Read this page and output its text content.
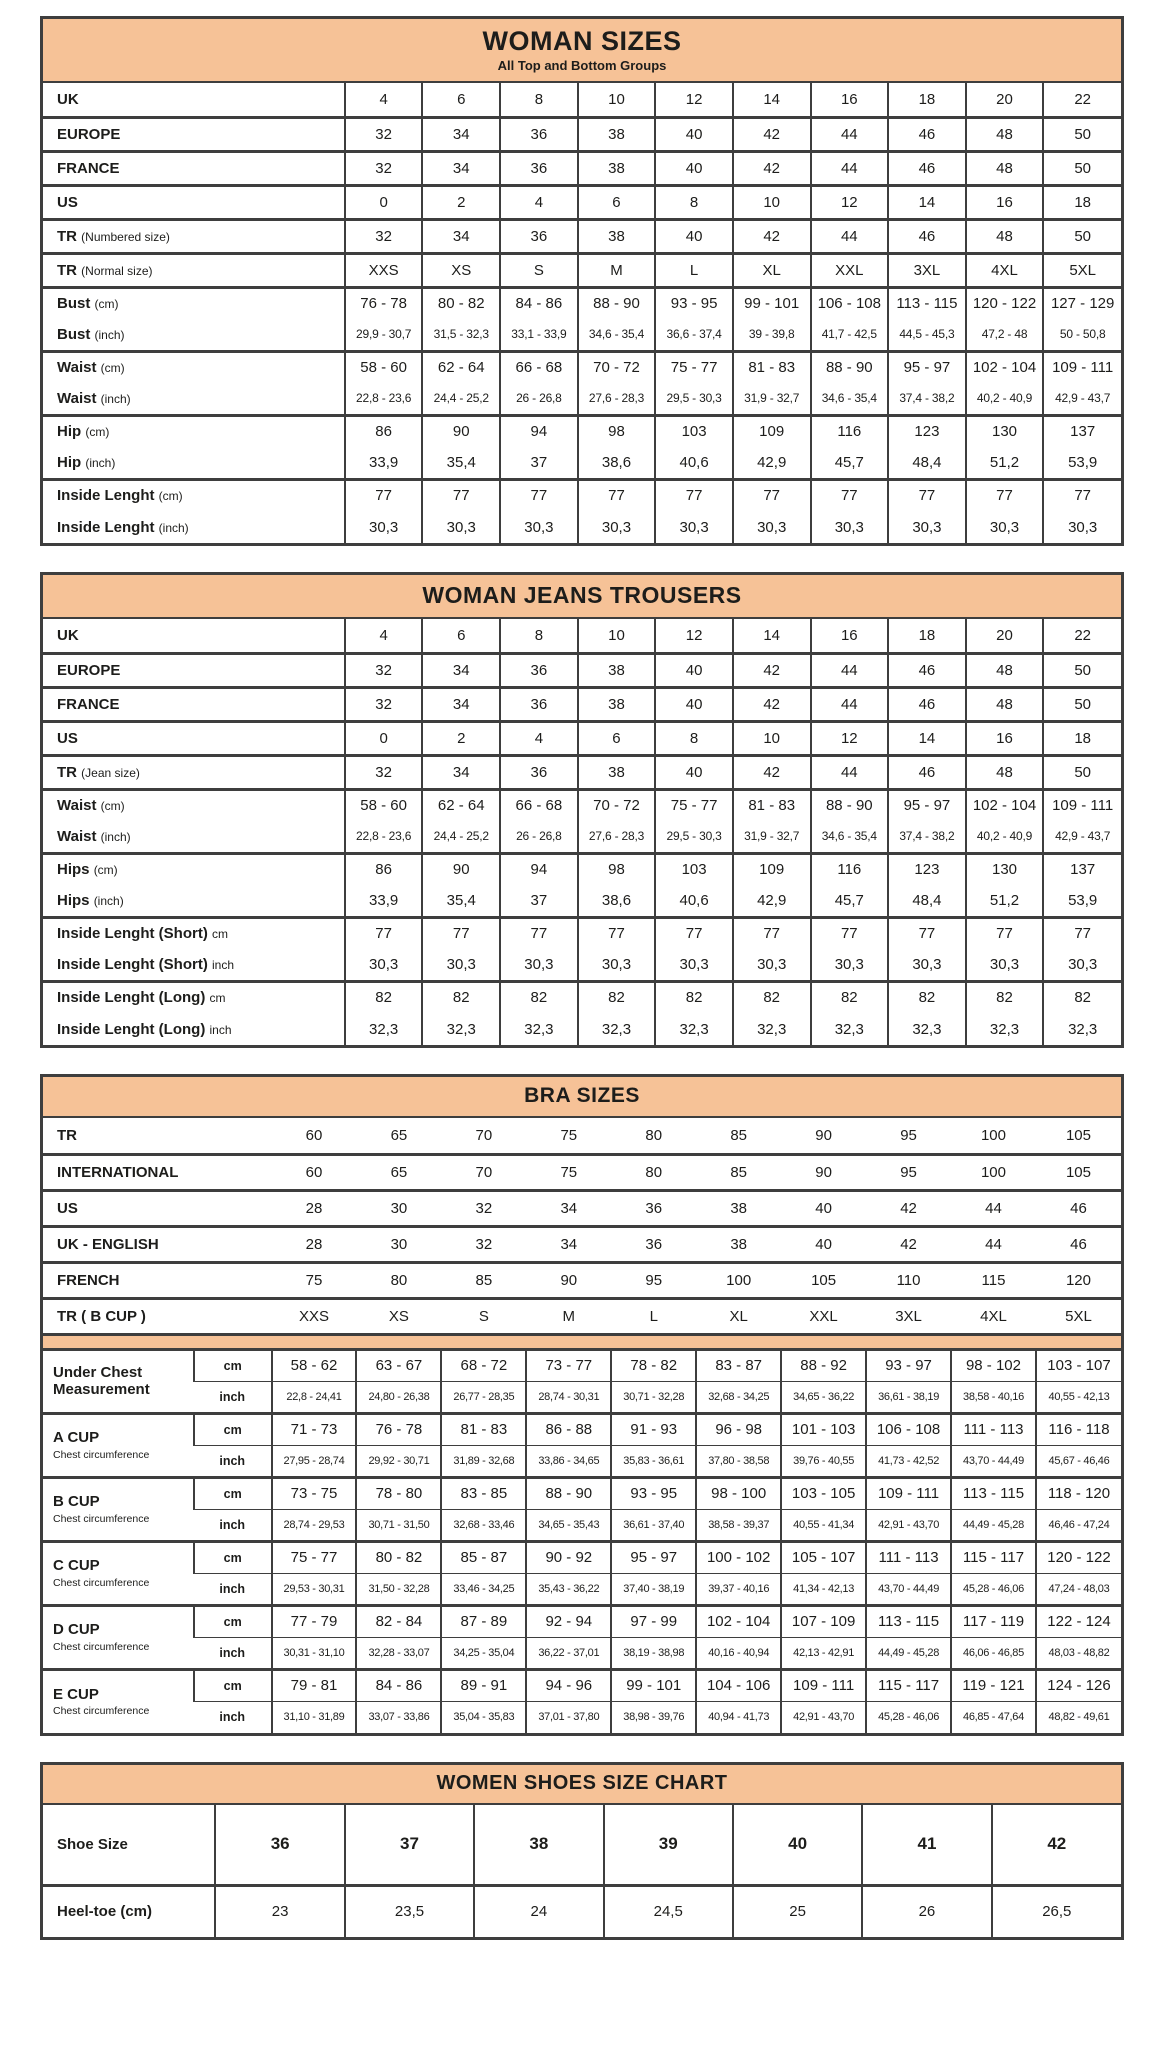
WOMAN SIZES
All Top and Bottom Groups
UK	4	6	8	10	12	14	16	18	20	22
EUROPE	32	34	36	38	40	42	44	46	48	50
FRANCE	32	34	36	38	40	42	44	46	48	50
US	0	2	4	6	8	10	12	14	16	18
TR (Numbered size)	32	34	36	38	40	42	44	46	48	50
TR (Normal size)	XXS	XS	S	M	L	XL	XXL	3XL	4XL	5XL
Bust (cm)	76 - 78	80 - 82	84 - 86	88 - 90	93 - 95	99 - 101	106 - 108	113 - 115	120 - 122	127 - 129
Bust (inch)	29,9 - 30,7	31,5 - 32,3	33,1 - 33,9	34,6 - 35,4	36,6 - 37,4	39 - 39,8	41,7 - 42,5	44,5 - 45,3	47,2 - 48	50 - 50,8
Waist (cm)	58 - 60	62 - 64	66 - 68	70 - 72	75 - 77	81 - 83	88 - 90	95 - 97	102 - 104	109 - 111
Waist (inch)	22,8 - 23,6	24,4 - 25,2	26 - 26,8	27,6 - 28,3	29,5 - 30,3	31,9 - 32,7	34,6 - 35,4	37,4 - 38,2	40,2 - 40,9	42,9 - 43,7
Hip (cm)	86	90	94	98	103	109	116	123	130	137
Hip (inch)	33,9	35,4	37	38,6	40,6	42,9	45,7	48,4	51,2	53,9
Inside Lenght (cm)	77	77	77	77	77	77	77	77	77	77
Inside Lenght (inch)	30,3	30,3	30,3	30,3	30,3	30,3	30,3	30,3	30,3	30,3
WOMAN JEANS TROUSERS
UK	4	6	8	10	12	14	16	18	20	22
EUROPE	32	34	36	38	40	42	44	46	48	50
FRANCE	32	34	36	38	40	42	44	46	48	50
US	0	2	4	6	8	10	12	14	16	18
TR (Jean size)	32	34	36	38	40	42	44	46	48	50
Waist (cm)	58 - 60	62 - 64	66 - 68	70 - 72	75 - 77	81 - 83	88 - 90	95 - 97	102 - 104	109 - 111
Waist (inch)	22,8 - 23,6	24,4 - 25,2	26 - 26,8	27,6 - 28,3	29,5 - 30,3	31,9 - 32,7	34,6 - 35,4	37,4 - 38,2	40,2 - 40,9	42,9 - 43,7
Hips (cm)	86	90	94	98	103	109	116	123	130	137
Hips (inch)	33,9	35,4	37	38,6	40,6	42,9	45,7	48,4	51,2	53,9
Inside Lenght (Short) cm	77	77	77	77	77	77	77	77	77	77
Inside Lenght (Short) inch	30,3	30,3	30,3	30,3	30,3	30,3	30,3	30,3	30,3	30,3
Inside Lenght (Long) cm	82	82	82	82	82	82	82	82	82	82
Inside Lenght (Long) inch	32,3	32,3	32,3	32,3	32,3	32,3	32,3	32,3	32,3	32,3
BRA SIZES
TR		60	65	70	75	80	85	90	95	100	105
INTERNATIONAL		60	65	70	75	80	85	90	95	100	105
US		28	30	32	34	36	38	40	42	44	46
UK - ENGLISH		28	30	32	34	36	38	40	42	44	46
FRENCH		75	80	85	90	95	100	105	110	115	120
TR ( B CUP )		XXS	XS	S	M	L	XL	XXL	3XL	4XL	5XL

Under Chest Measurement	cm	58 - 62	63 - 67	68 - 72	73 - 77	78 - 82	83 - 87	88 - 92	93 - 97	98 - 102	103 - 107
	inch	22,8 - 24,41	24,80 - 26,38	26,77 - 28,35	28,74 - 30,31	30,71 - 32,28	32,68 - 34,25	34,65 - 36,22	36,61 - 38,19	38,58 - 40,16	40,55 - 42,13
A CUP
Chest circumference	cm	71 - 73	76 - 78	81 - 83	86 - 88	91 - 93	96 - 98	101 - 103	106 - 108	111 - 113	116 - 118
	inch	27,95 - 28,74	29,92 - 30,71	31,89 - 32,68	33,86 - 34,65	35,83 - 36,61	37,80 - 38,58	39,76 - 40,55	41,73 - 42,52	43,70 - 44,49	45,67 - 46,46
B CUP
Chest circumference	cm	73 - 75	78 - 80	83 - 85	88 - 90	93 - 95	98 - 100	103 - 105	109 - 111	113 - 115	118 - 120
	inch	28,74 - 29,53	30,71 - 31,50	32,68 - 33,46	34,65 - 35,43	36,61 - 37,40	38,58 - 39,37	40,55 - 41,34	42,91 - 43,70	44,49 - 45,28	46,46 - 47,24
C CUP
Chest circumference	cm	75 - 77	80 - 82	85 - 87	90 - 92	95 - 97	100 - 102	105 - 107	111 - 113	115 - 117	120 - 122
	inch	29,53 - 30,31	31,50 - 32,28	33,46 - 34,25	35,43 - 36,22	37,40 - 38,19	39,37 - 40,16	41,34 - 42,13	43,70 - 44,49	45,28 - 46,06	47,24 - 48,03
D CUP
Chest circumference	cm	77 - 79	82 - 84	87 - 89	92 - 94	97 - 99	102 - 104	107 - 109	113 - 115	117 - 119	122 - 124
	inch	30,31 - 31,10	32,28 - 33,07	34,25 - 35,04	36,22 - 37,01	38,19 - 38,98	40,16 - 40,94	42,13 - 42,91	44,49 - 45,28	46,06 - 46,85	48,03 - 48,82
E CUP
Chest circumference	cm	79 - 81	84 - 86	89 - 91	94 - 96	99 - 101	104 - 106	109 - 111	115 - 117	119 - 121	124 - 126
	inch	31,10 - 31,89	33,07 - 33,86	35,04 - 35,83	37,01 - 37,80	38,98 - 39,76	40,94 - 41,73	42,91 - 43,70	45,28 - 46,06	46,85 - 47,64	48,82 - 49,61
WOMEN SHOES SIZE CHART
Shoe Size	36	37	38	39	40	41	42
Heel-toe (cm)	23	23,5	24	24,5	25	26	26,5
